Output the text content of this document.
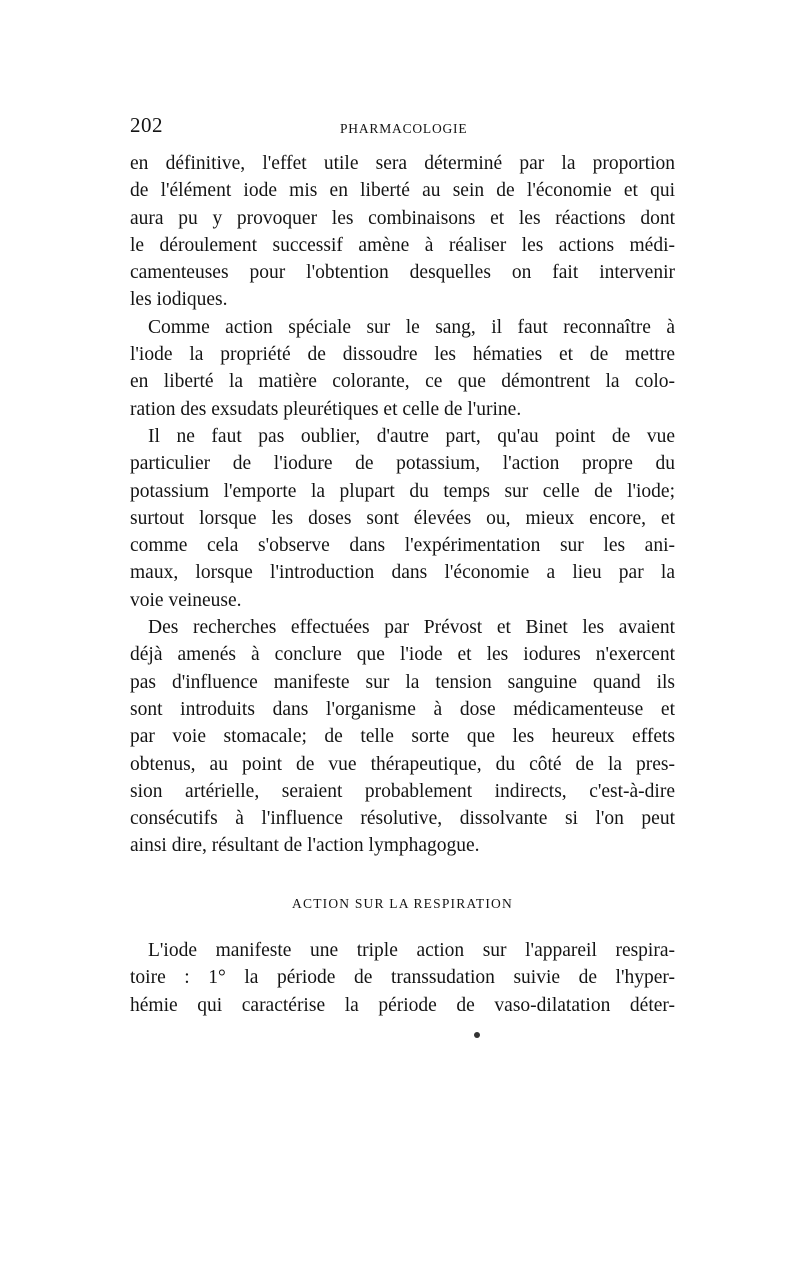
202	PHARMACOLOGIE
en définitive, l'effet utile sera déterminé par la proportion
de l'élément iode mis en liberté au sein de l'économie et qui
aura pu y provoquer les combinaisons et les réactions dont
le déroulement successif amène à réaliser les actions médi-
camenteuses pour l'obtention desquelles on fait intervenir
les iodiques.
Comme action spéciale sur le sang, il faut reconnaître à
l'iode la propriété de dissoudre les hématies et de mettre
en liberté la matière colorante, ce que démontrent la colo-
ration des exsudats pleurétiques et celle de l'urine.
Il ne faut pas oublier, d'autre part, qu'au point de vue
particulier de l'iodure de potassium, l'action propre du
potassium l'emporte la plupart du temps sur celle de l'iode;
surtout lorsque les doses sont élevées ou, mieux encore, et
comme cela s'observe dans l'expérimentation sur les ani-
maux, lorsque l'introduction dans l'économie a lieu par la
voie veineuse.
Des recherches effectuées par Prévost et Binet les avaient
déjà amenés à conclure que l'iode et les iodures n'exercent
pas d'influence manifeste sur la tension sanguine quand ils
sont introduits dans l'organisme à dose médicamenteuse et
par voie stomacale; de telle sorte que les heureux effets
obtenus, au point de vue thérapeutique, du côté de la pres-
sion artérielle, seraient probablement indirects, c'est-à-dire
consécutifs à l'influence résolutive, dissolvante si l'on peut
ainsi dire, résultant de l'action lymphagogue.
ACTION SUR LA RESPIRATION
L'iode manifeste une triple action sur l'appareil respira-
toire : 1° la période de transsudation suivie de l'hyper-
hémie qui caractérise la période de vaso-dilatation déter-
